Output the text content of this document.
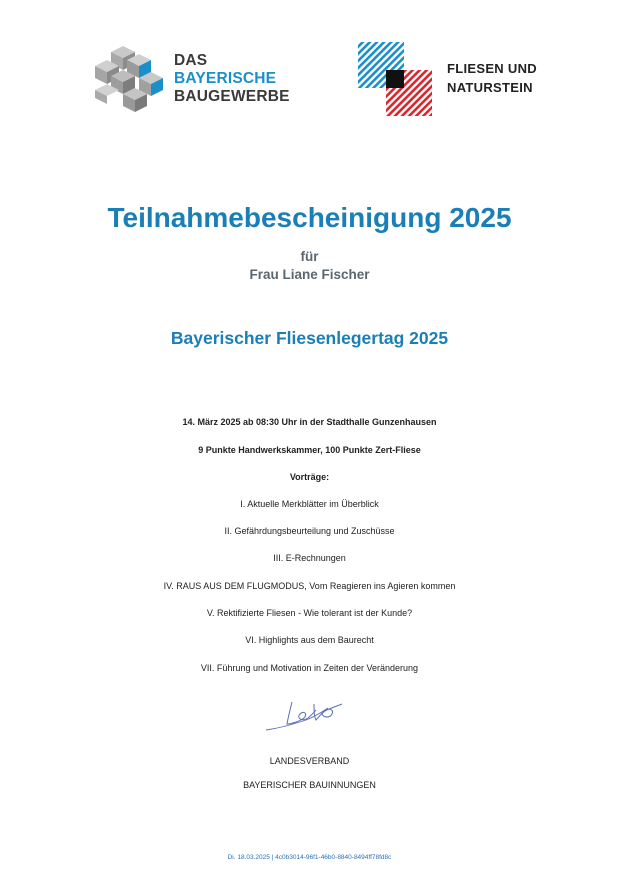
DAS
BAYERISCHE
BAUGEWERBE
FLIESEN UND
NATURSTEIN
Teilnahmebescheinigung 2025
für
Frau Liane Fischer
Bayerischer Fliesenlegertag 2025
14. März 2025 ab 08:30 Uhr in der Stadthalle Gunzenhausen
9 Punkte Handwerkskammer, 100 Punkte Zert-Fliese
Vorträge:
I. Aktuelle Merkblätter im Überblick
II. Gefährdungsbeurteilung und Zuschüsse
III. E-Rechnungen
IV. RAUS AUS DEM FLUGMODUS, Vom Reagieren ins Agieren kommen
V. Rektifizierte Fliesen - Wie tolerant ist der Kunde?
VI. Highlights aus dem Baurecht
VII. Führung und Motivation in Zeiten der Veränderung
LANDESVERBAND
BAYERISCHER BAUINNUNGEN
Di. 18.03.2025 | 4c0b3014-96f1-46b0-8840-8494ff78fd8c
